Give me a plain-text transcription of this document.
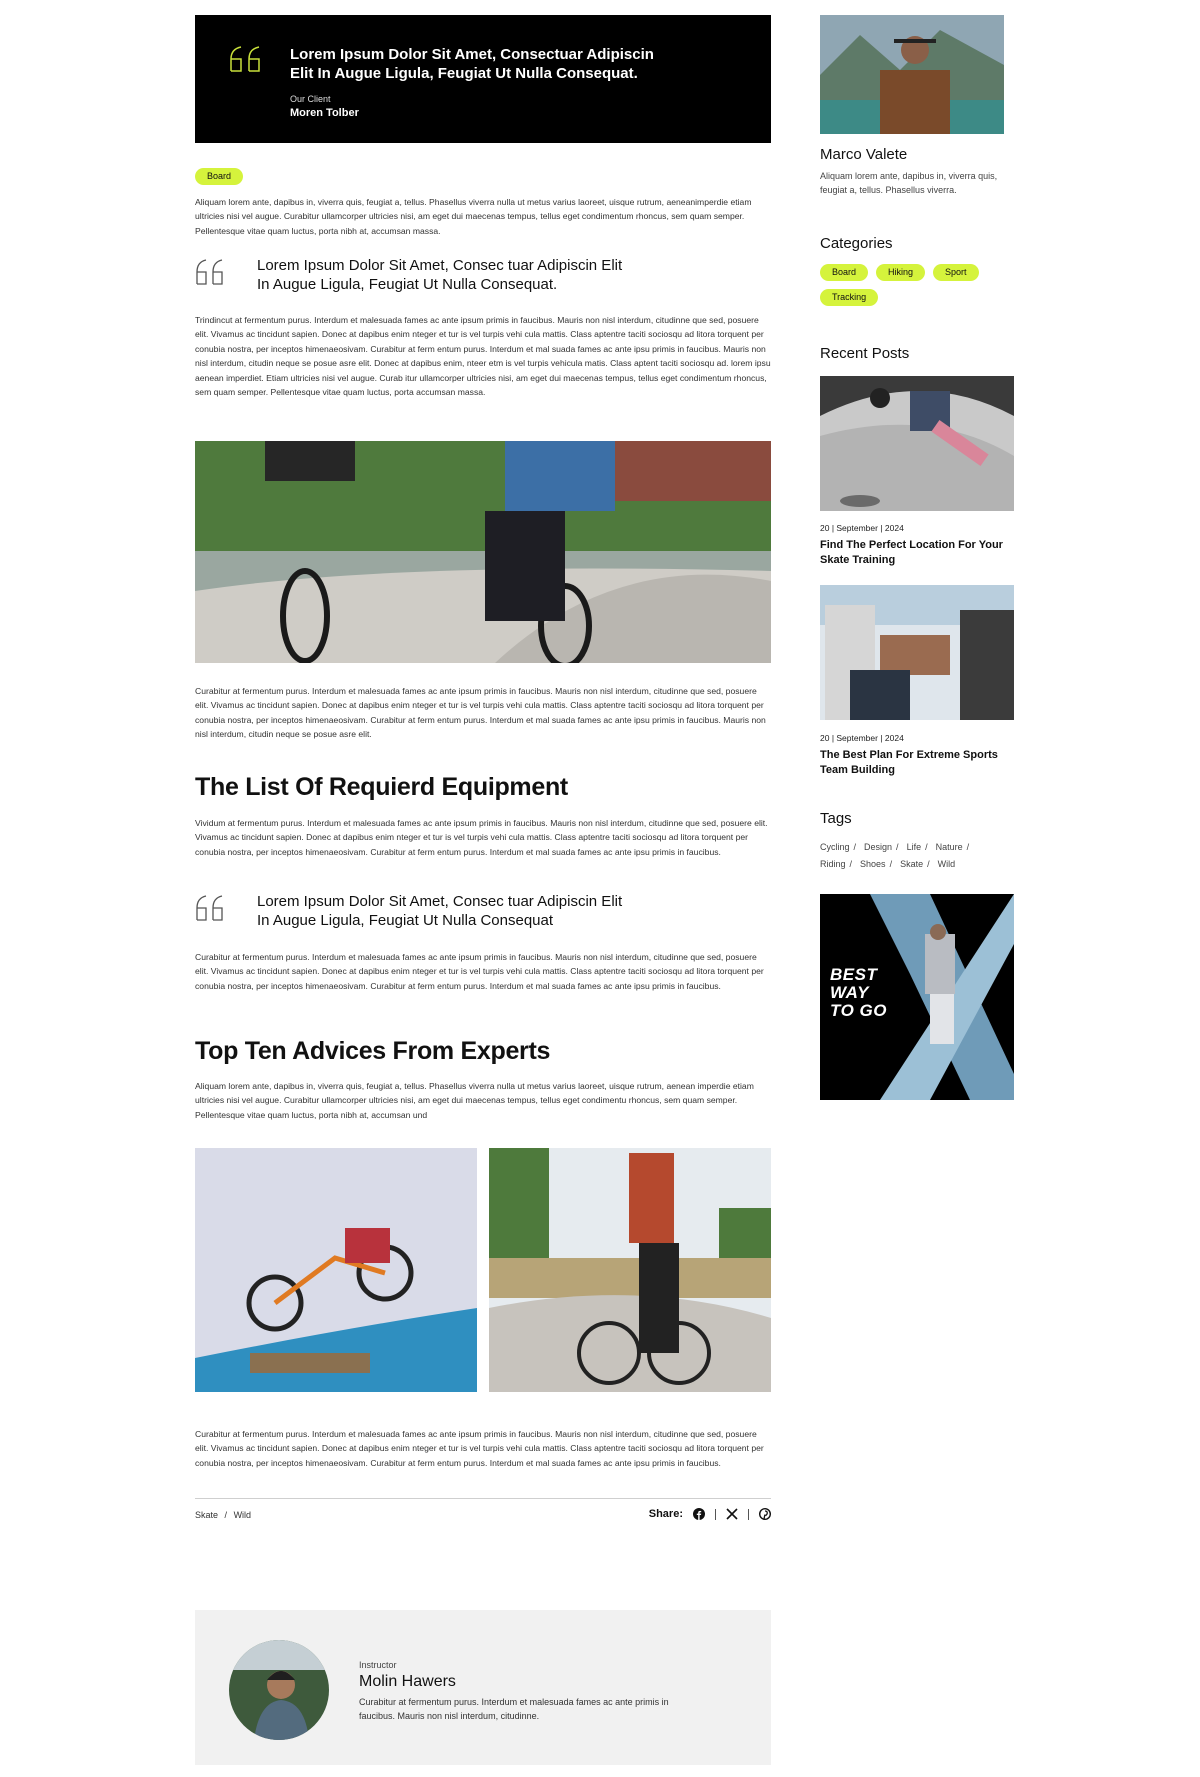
Lorem Ipsum Dolor Sit Amet, Consectuar Adipiscin Elit In Augue Ligula, Feugiat Ut Nulla Consequat.
Our Client
Moren Tolber
Board

Aliquam lorem ante, dapibus in, viverra quis, feugiat a, tellus. Phasellus viverra nulla ut metus varius laoreet, uisque rutrum, aeneanimperdie etiam ultricies nisi vel augue. Curabitur ullamcorper ultricies nisi, am eget dui maecenas tempus, tellus eget condimentum rhoncus, sem quam semper. Pellentesque vitae quam luctus, porta nibh at, accumsan massa.

Lorem Ipsum Dolor Sit Amet, Consec tuar Adipiscin Elit In Augue Ligula, Feugiat Ut Nulla Consequat.

Trindincut at fermentum purus. Interdum et malesuada fames ac ante ipsum primis in faucibus. Mauris non nisl interdum, citudinne que sed, posuere elit. Vivamus ac tincidunt sapien. Donec at dapibus enim nteger et tur is vel turpis vehi cula mattis. Class aptentre taciti sociosqu ad litora torquent per conubia nostra, per inceptos himenaeosivam. Curabitur at ferm entum purus. Interdum et mal suada fames ac ante ipsu primis in faucibus. Mauris non nisl interdum, citudin neque se posue asre elit. Donec at dapibus enim, nteer etm is vel turpis vehicula matis. Class aptent taciti sociosqu ad. lorem ipsu aenean imperdiet. Etiam ultricies nisi vel augue. Curab itur ullamcorper ultricies nisi, am eget dui maecenas tempus, tellus eget condimentum rhoncus, sem quam semper. Pellentesque vitae quam luctus, porta accumsan massa.

Curabitur at fermentum purus. Interdum et malesuada fames ac ante ipsum primis in faucibus. Mauris non nisl interdum, citudinne que sed, posuere elit. Vivamus ac tincidunt sapien. Donec at dapibus enim nteger et tur is vel turpis vehi cula mattis. Class aptentre taciti sociosqu ad litora torquent per conubia nostra, per inceptos himenaeosivam. Curabitur at ferm entum purus. Interdum et mal suada fames ac ante ipsu primis in faucibus. Mauris non nisl interdum, citudin neque se posue asre elit.

The List Of Requierd Equipment

Vividum at fermentum purus. Interdum et malesuada fames ac ante ipsum primis in faucibus. Mauris non nisl interdum, citudinne que sed, posuere elit. Vivamus ac tincidunt sapien. Donec at dapibus enim nteger et tur is vel turpis vehi cula mattis. Class aptentre taciti sociosqu ad litora torquent per conubia nostra, per inceptos himenaeosivam. Curabitur at ferm entum purus. Interdum et mal suada fames ac ante ipsu primis in faucibus.

Lorem Ipsum Dolor Sit Amet, Consec tuar Adipiscin Elit In Augue Ligula, Feugiat Ut Nulla Consequat

Curabitur at fermentum purus. Interdum et malesuada fames ac ante ipsum primis in faucibus. Mauris non nisl interdum, citudinne que sed, posuere elit. Vivamus ac tincidunt sapien. Donec at dapibus enim nteger et tur is vel turpis vehi cula mattis. Class aptentre taciti sociosqu ad litora torquent per conubia nostra, per inceptos himenaeosivam. Curabitur at ferm entum purus. Interdum et mal suada fames ac ante ipsu primis in faucibus.

Top Ten Advices From Experts

Aliquam lorem ante, dapibus in, viverra quis, feugiat a, tellus. Phasellus viverra nulla ut metus varius laoreet, uisque rutrum, aenean imperdie etiam ultricies nisi vel augue. Curabitur ullamcorper ultricies nisi, am eget dui maecenas tempus, tellus eget condimentu rhoncus, sem quam semper. Pellentesque vitae quam luctus, porta nibh at, accumsan und

Curabitur at fermentum purus. Interdum et malesuada fames ac ante ipsum primis in faucibus. Mauris non nisl interdum, citudinne que sed, posuere elit. Vivamus ac tincidunt sapien. Donec at dapibus enim nteger et tur is vel turpis vehi cula mattis. Class aptentre taciti sociosqu ad litora torquent per conubia nostra, per inceptos himenaeosivam. Curabitur at ferm entum purus. Interdum et mal suada fames ac ante ipsu primis in faucibus.

Skate / Wild	Share:
Instructor
Molin Hawers
Curabitur at fermentum purus. Interdum et malesuada fames ac ante primis in faucibus. Mauris non nisl interdum, citudinne.
Marco Valete
Aliquam lorem ante, dapibus in, viverra quis, feugiat a, tellus. Phasellus viverra.
Categories
Board	Hiking	Sport
Tracking
Recent Posts
20 | September | 2024
Find The Perfect Location For Your Skate Training
20 | September | 2024
The Best Plan For Extreme Sports Team Building
Tags
Cycling / Design / Life / Nature /
Riding / Shoes / Skate / Wild
BEST
WAY
TO GO
